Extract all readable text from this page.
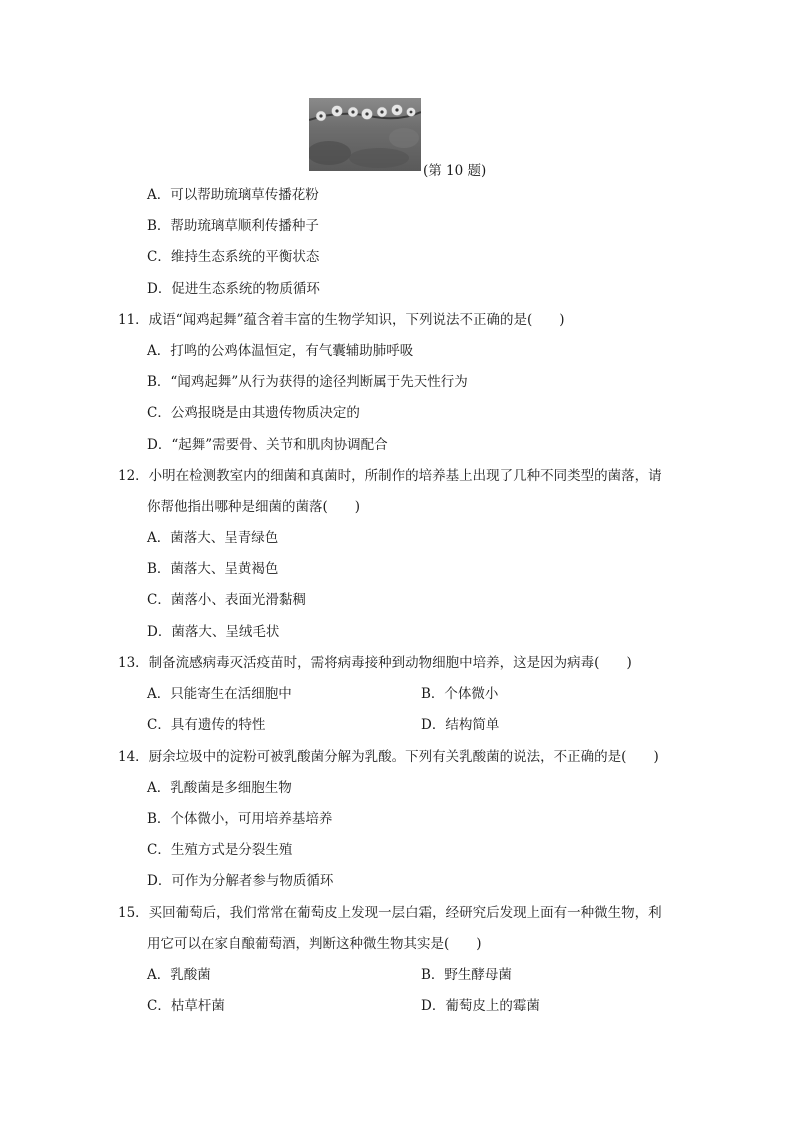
(第 10 题)
A．可以帮助琉璃草传播花粉
B．帮助琉璃草顺利传播种子
C．维持生态系统的平衡状态
D．促进生态系统的物质循环
11．成语“闻鸡起舞”蕴含着丰富的生物学知识，下列说法不正确的是(　　)
A．打鸣的公鸡体温恒定，有气囊辅助肺呼吸
B．“闻鸡起舞”从行为获得的途径判断属于先天性行为
C．公鸡报晓是由其遗传物质决定的
D．“起舞”需要骨、关节和肌肉协调配合
12．小明在检测教室内的细菌和真菌时，所制作的培养基上出现了几种不同类型的菌落，请
你帮他指出哪种是细菌的菌落(　　)
A．菌落大、呈青绿色
B．菌落大、呈黄褐色
C．菌落小、表面光滑黏稠
D．菌落大、呈绒毛状
13．制备流感病毒灭活疫苗时，需将病毒接种到动物细胞中培养，这是因为病毒(　　)
A．只能寄生在活细胞中	B．个体微小
C．具有遗传的特性	D．结构简单
14．厨余垃圾中的淀粉可被乳酸菌分解为乳酸。下列有关乳酸菌的说法，不正确的是(　　)
A．乳酸菌是多细胞生物
B．个体微小，可用培养基培养
C．生殖方式是分裂生殖
D．可作为分解者参与物质循环
15．买回葡萄后，我们常常在葡萄皮上发现一层白霜，经研究后发现上面有一种微生物，利
用它可以在家自酿葡萄酒，判断这种微生物其实是(　　)
A．乳酸菌	B．野生酵母菌
C．枯草杆菌	D．葡萄皮上的霉菌
